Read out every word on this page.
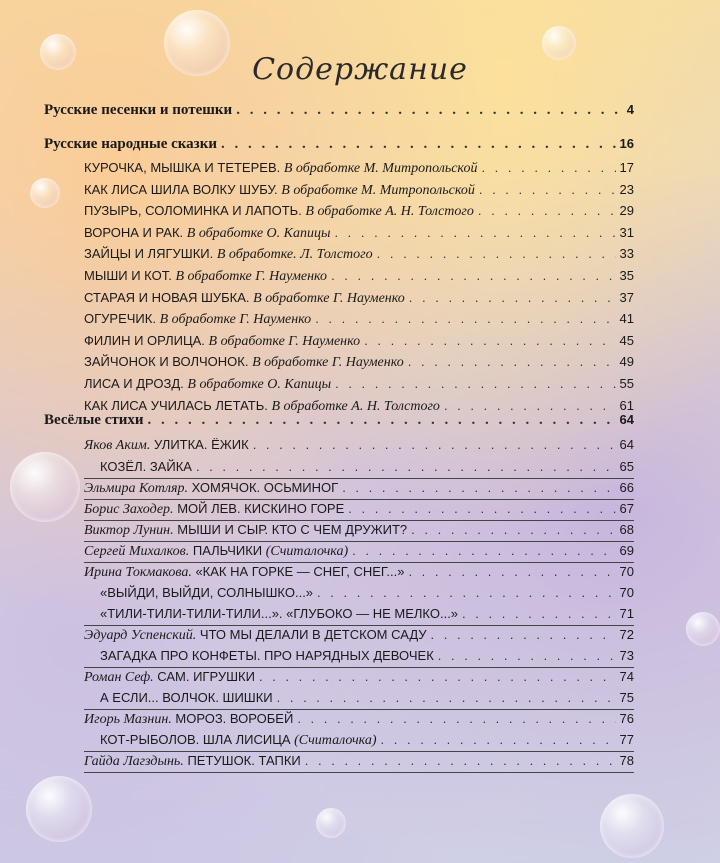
Содержание
Русские песенки и потешки . . .	4
Русские народные сказки . . .	16
КУРОЧКА, МЫШКА И ТЕТЕРЕВ. В обработке М. Митропольской . . .	17
КАК ЛИСА ШИЛА ВОЛКУ ШУБУ. В обработке М. Митропольской . . .	23
ПУЗЫРЬ, СОЛОМИНКА И ЛАПОТЬ. В обработке А. Н. Толстого . . .	29
ВОРОНА И РАК. В обработке О. Капицы . . .	31
ЗАЙЦЫ И ЛЯГУШКИ. В обработке. Л. Толстого . . .	33
МЫШИ И КОТ. В обработке Г. Науменко . . .	35
СТАРАЯ И НОВАЯ ШУБКА. В обработке Г. Науменко . . .	37
ОГУРЕЧИК. В обработке Г. Науменко . . .	41
ФИЛИН И ОРЛИЦА. В обработке Г. Науменко . . .	45
ЗАЙЧОНОК И ВОЛЧОНОК. В обработке Г. Науменко . . .	49
ЛИСА И ДРОЗД. В обработке О. Капицы . . .	55
КАК ЛИСА УЧИЛАСЬ ЛЕТАТЬ. В обработке А. Н. Толстого . . .	61
Весёлые стихи . . .	64
Яков Аким. УЛИТКА. ЁЖИК . . .	64
КОЗЁЛ. ЗАЙКА . . .	65
Эльмира Котляр. ХОМЯЧОК. ОСЬМИНОГ . . .	66
Борис Заходер. МОЙ ЛЕВ. КИСКИНО ГОРЕ . . .	67
Виктор Лунин. МЫШИ И СЫР. КТО С ЧЕМ ДРУЖИТ? . . .	68
Сергей Михалков. ПАЛЬЧИКИ (Считалочка) . . .	69
Ирина Токмакова. «КАК НА ГОРКЕ — СНЕГ, СНЕГ...» . . .	70
«ВЫЙДИ, ВЫЙДИ, СОЛНЫШКО...» . . .	70
«ТИЛИ-ТИЛИ-ТИЛИ-ТИЛИ...». «ГЛУБОКО — НЕ МЕЛКО...» . . .	71
Эдуард Успенский. ЧТО МЫ ДЕЛАЛИ В ДЕТСКОМ САДУ . . .	72
ЗАГАДКА ПРО КОНФЕТЫ. ПРО НАРЯДНЫХ ДЕВОЧЕК . . .	73
Роман Сеф. САМ. ИГРУШКИ . . .	74
А ЕСЛИ... ВОЛЧОК. ШИШКИ . . .	75
Игорь Мазнин. МОРОЗ. ВОРОБЕЙ . . .	76
КОТ-РЫБОЛОВ. ШЛА ЛИСИЦА (Считалочка) . . .	77
Гайда Лагздынь. ПЕТУШОК. ТАПКИ . . .	78
